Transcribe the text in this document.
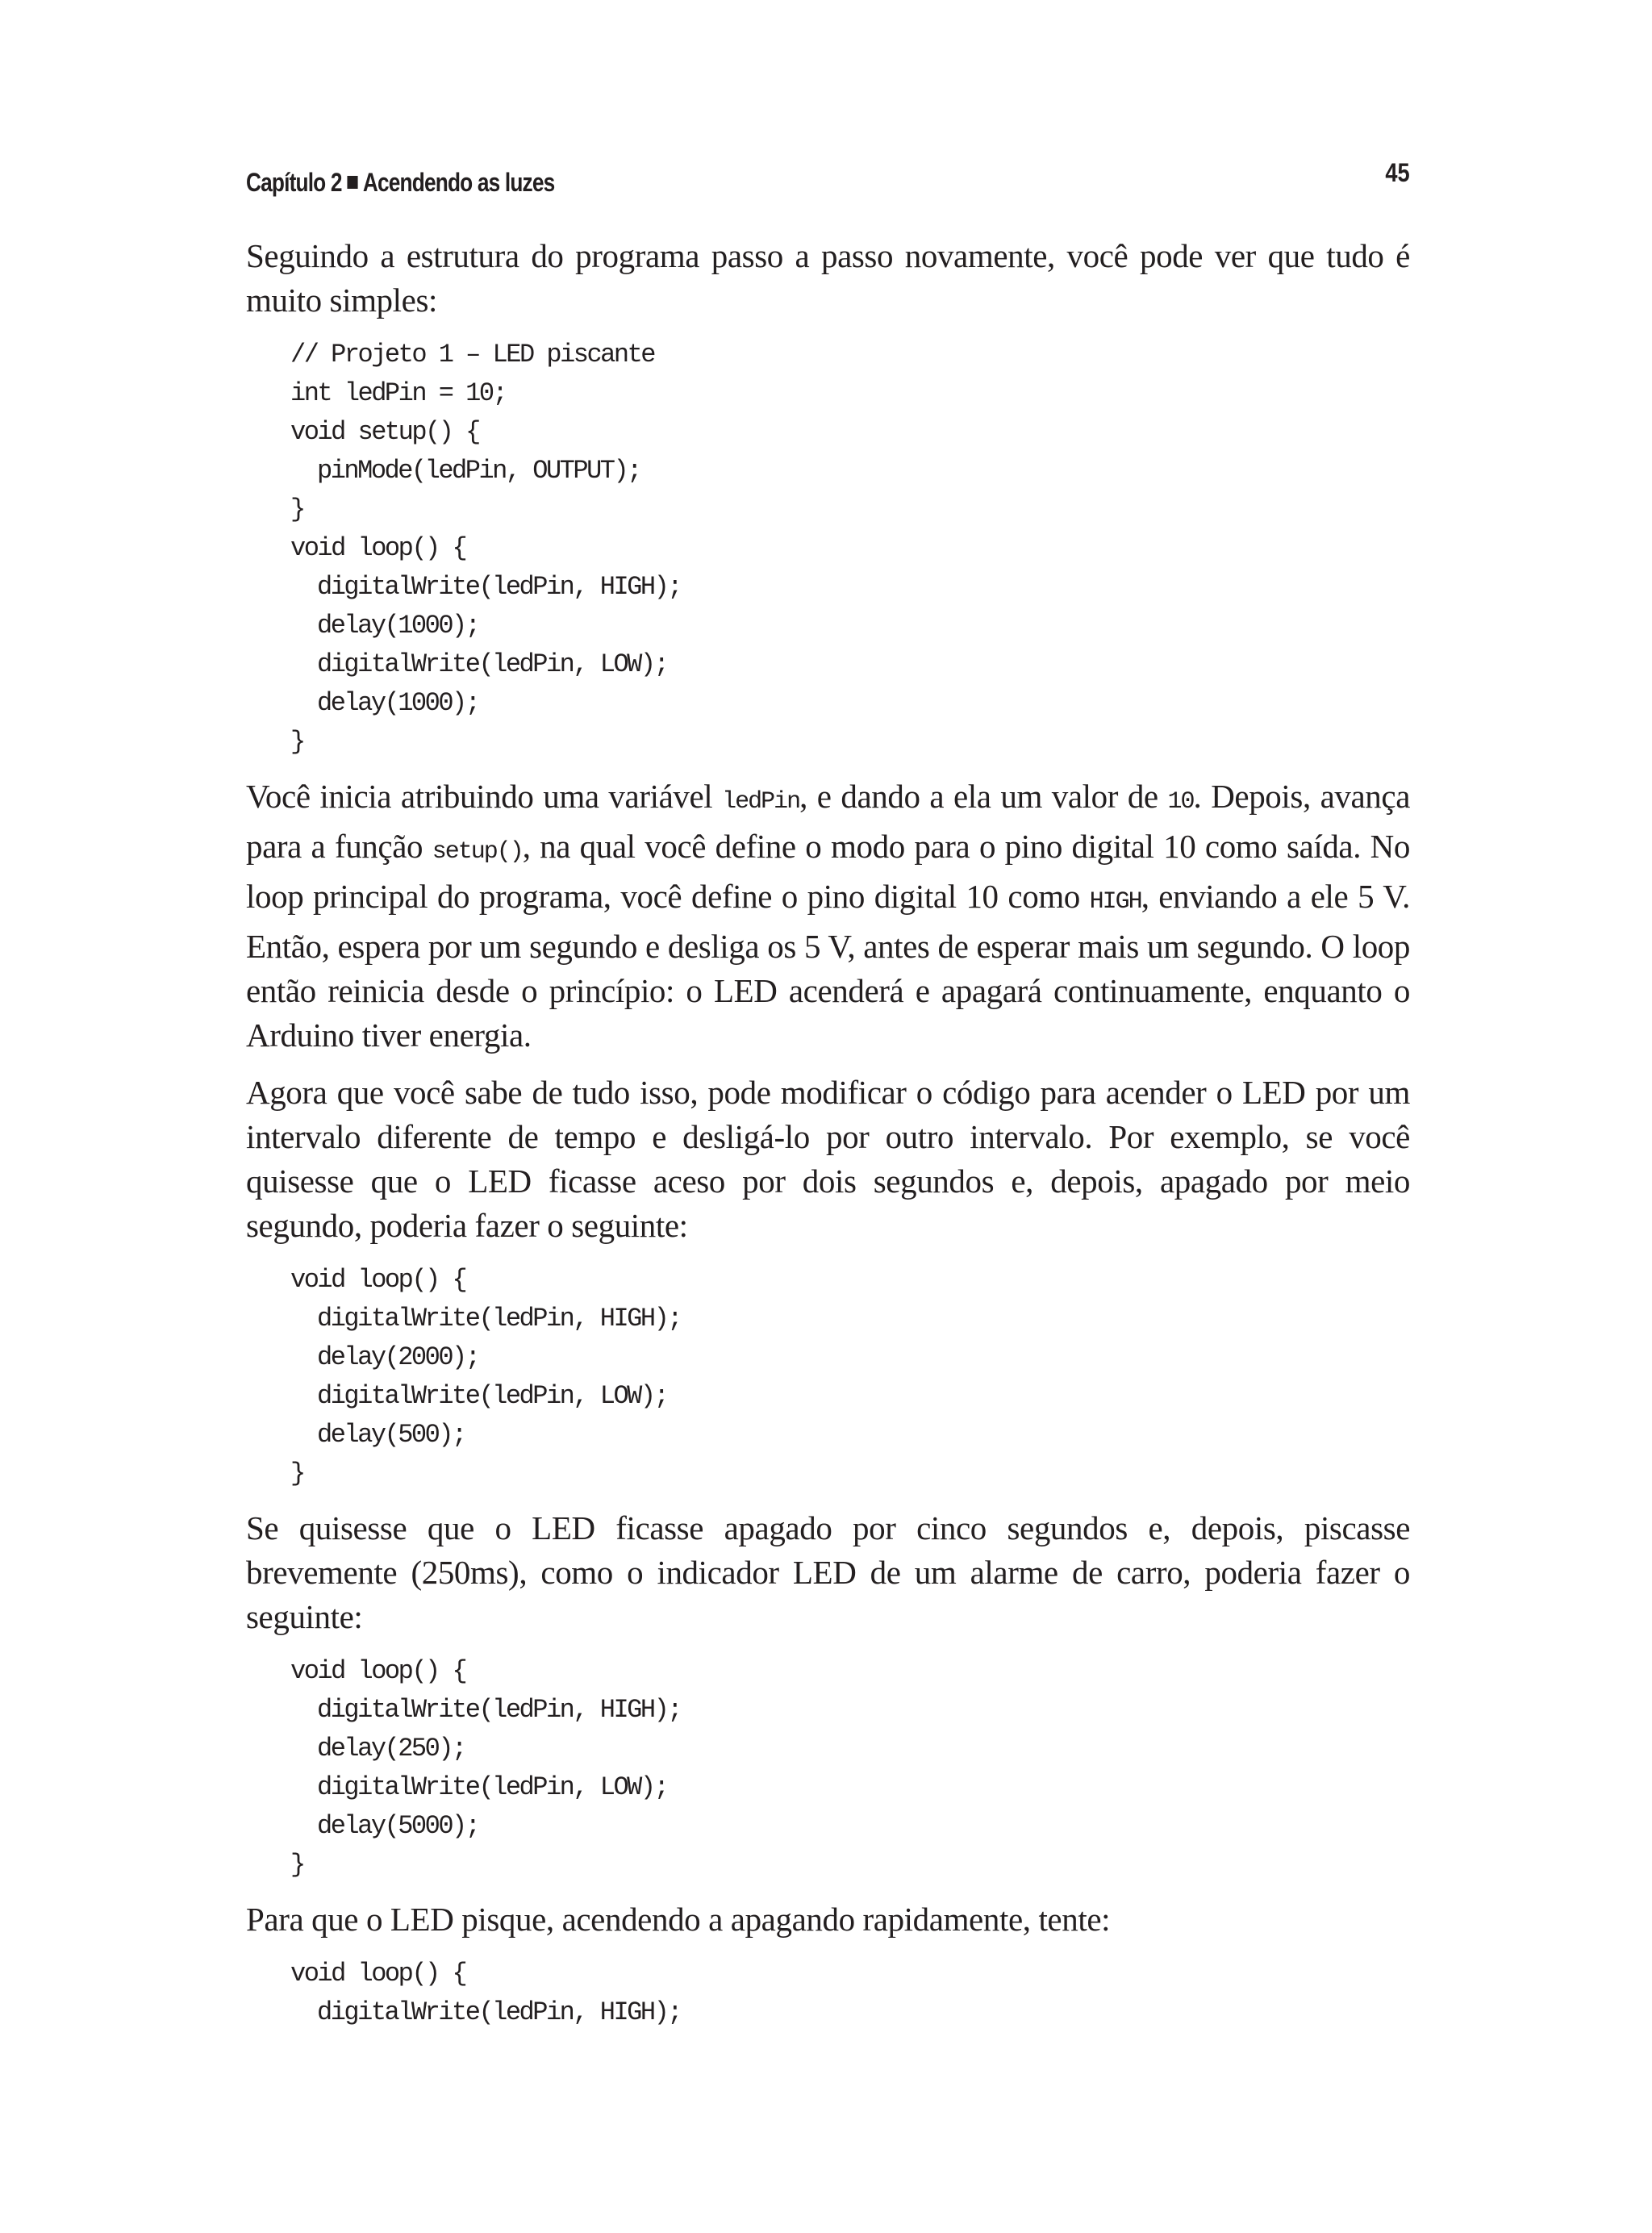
Capítulo 2 Acendendo as luzes	45

Seguindo a estrutura do programa passo a passo novamente, você pode ver que tudo é muito simples:

// Projeto 1 – LED piscante
int ledPin = 10;
void setup() {
pinMode(ledPin, OUTPUT);
}
void loop() {
digitalWrite(ledPin, HIGH);
delay(1000);
digitalWrite(ledPin, LOW);
delay(1000);
}

Você inicia atribuindo uma variável ledPin, e dando a ela um valor de 10. Depois, avança para a função setup(), na qual você define o modo para o pino digital 10 como saída. No loop principal do programa, você define o pino digital 10 como HIGH, enviando a ele 5 V. Então, espera por um segundo e desliga os 5 V, antes de esperar mais um segundo. O loop então reinicia desde o princípio: o LED acenderá e apagará continuamente, enquanto o Arduino tiver energia.

Agora que você sabe de tudo isso, pode modificar o código para acender o LED por um intervalo diferente de tempo e desligá-lo por outro intervalo. Por exemplo, se você quisesse que o LED ficasse aceso por dois segundos e, depois, apagado por meio segundo, poderia fazer o seguinte:

void loop() {
digitalWrite(ledPin, HIGH);
delay(2000);
digitalWrite(ledPin, LOW);
delay(500);
}

Se quisesse que o LED ficasse apagado por cinco segundos e, depois, piscasse brevemente (250ms), como o indicador LED de um alarme de carro, poderia fazer o seguinte:

void loop() {
digitalWrite(ledPin, HIGH);
delay(250);
digitalWrite(ledPin, LOW);
delay(5000);
}

Para que o LED pisque, acendendo a apagando rapidamente, tente:

void loop() {
digitalWrite(ledPin, HIGH);
